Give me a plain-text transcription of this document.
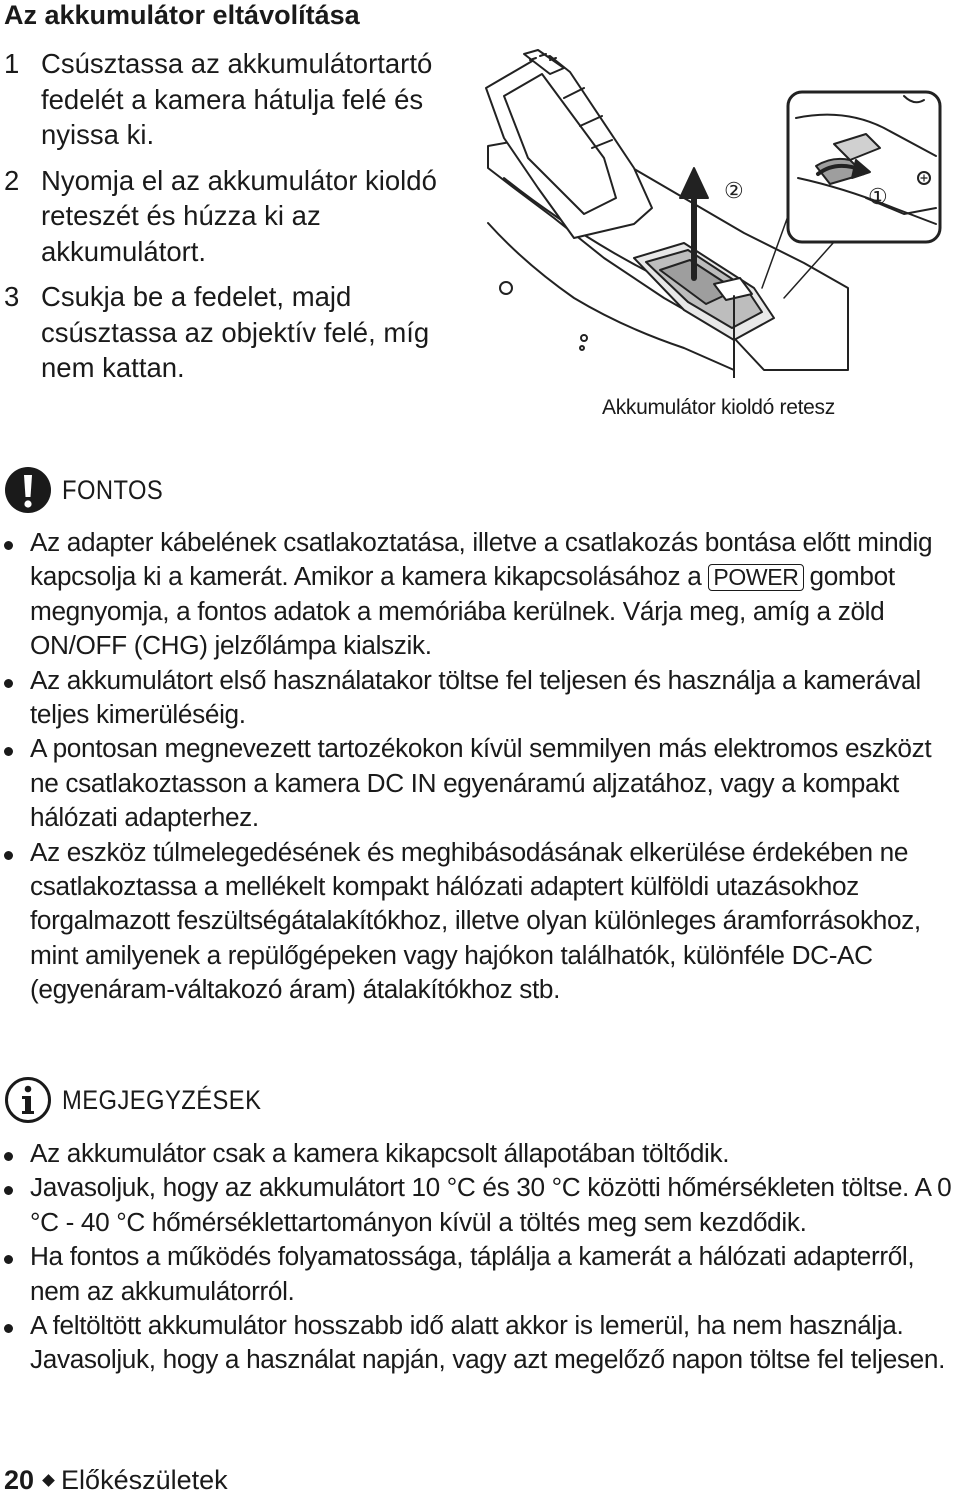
Az akkumulátor eltávolítása
1 Csúsztassa az akkumulátortartó fedelét a kamera hátulja felé és nyissa ki.
2 Nyomja el az akkumulátor kioldó reteszét és húzza ki az akkumulátort.
3 Csukja be a fedelet, majd csúsztassa az objektív felé, míg nem kattan.
②	①
Akkumulátor kioldó retesz
FONTOS
Az adapter kábelének csatlakoztatása, illetve a csatlakozás bontása előtt mindig kapcsolja ki a kamerát. Amikor a kamera kikapcsolásához a POWER gombot megnyomja, a fontos adatok a memóriába kerülnek. Várja meg, amíg a zöld ON/OFF (CHG) jelzőlámpa kialszik.
Az akkumulátort első használatakor töltse fel teljesen és használja a kamerával teljes kimerüléséig.
A pontosan megnevezett tartozékokon kívül semmilyen más elektromos eszközt ne csatlakoztasson a kamera DC IN egyenáramú aljzatához, vagy a kompakt hálózati adapterhez.
Az eszköz túlmelegedésének és meghibásodásának elkerülése érdekében ne csatlakoztassa a mellékelt kompakt hálózati adaptert külföldi utazásokhoz forgalmazott feszültségátalakítókhoz, illetve olyan különleges áramforrásokhoz, mint amilyenek a repülőgépeken vagy hajókon találhatók, különféle DC-AC (egyenáram-váltakozó áram) átalakítókhoz stb.
MEGJEGYZÉSEK
Az akkumulátor csak a kamera kikapcsolt állapotában töltődik.
Javasoljuk, hogy az akkumulátort 10 °C és 30 °C közötti hőmérsékleten töltse. A 0 °C - 40 °C hőmérséklettartományon kívül a töltés meg sem kezdődik.
Ha fontos a működés folyamatossága, táplálja a kamerát a hálózati adapterről, nem az akkumulátorról.
A feltöltött akkumulátor hosszabb idő alatt akkor is lemerül, ha nem használja. Javasoljuk, hogy a használat napján, vagy azt megelőző napon töltse fel teljesen.
20 Előkészületek
